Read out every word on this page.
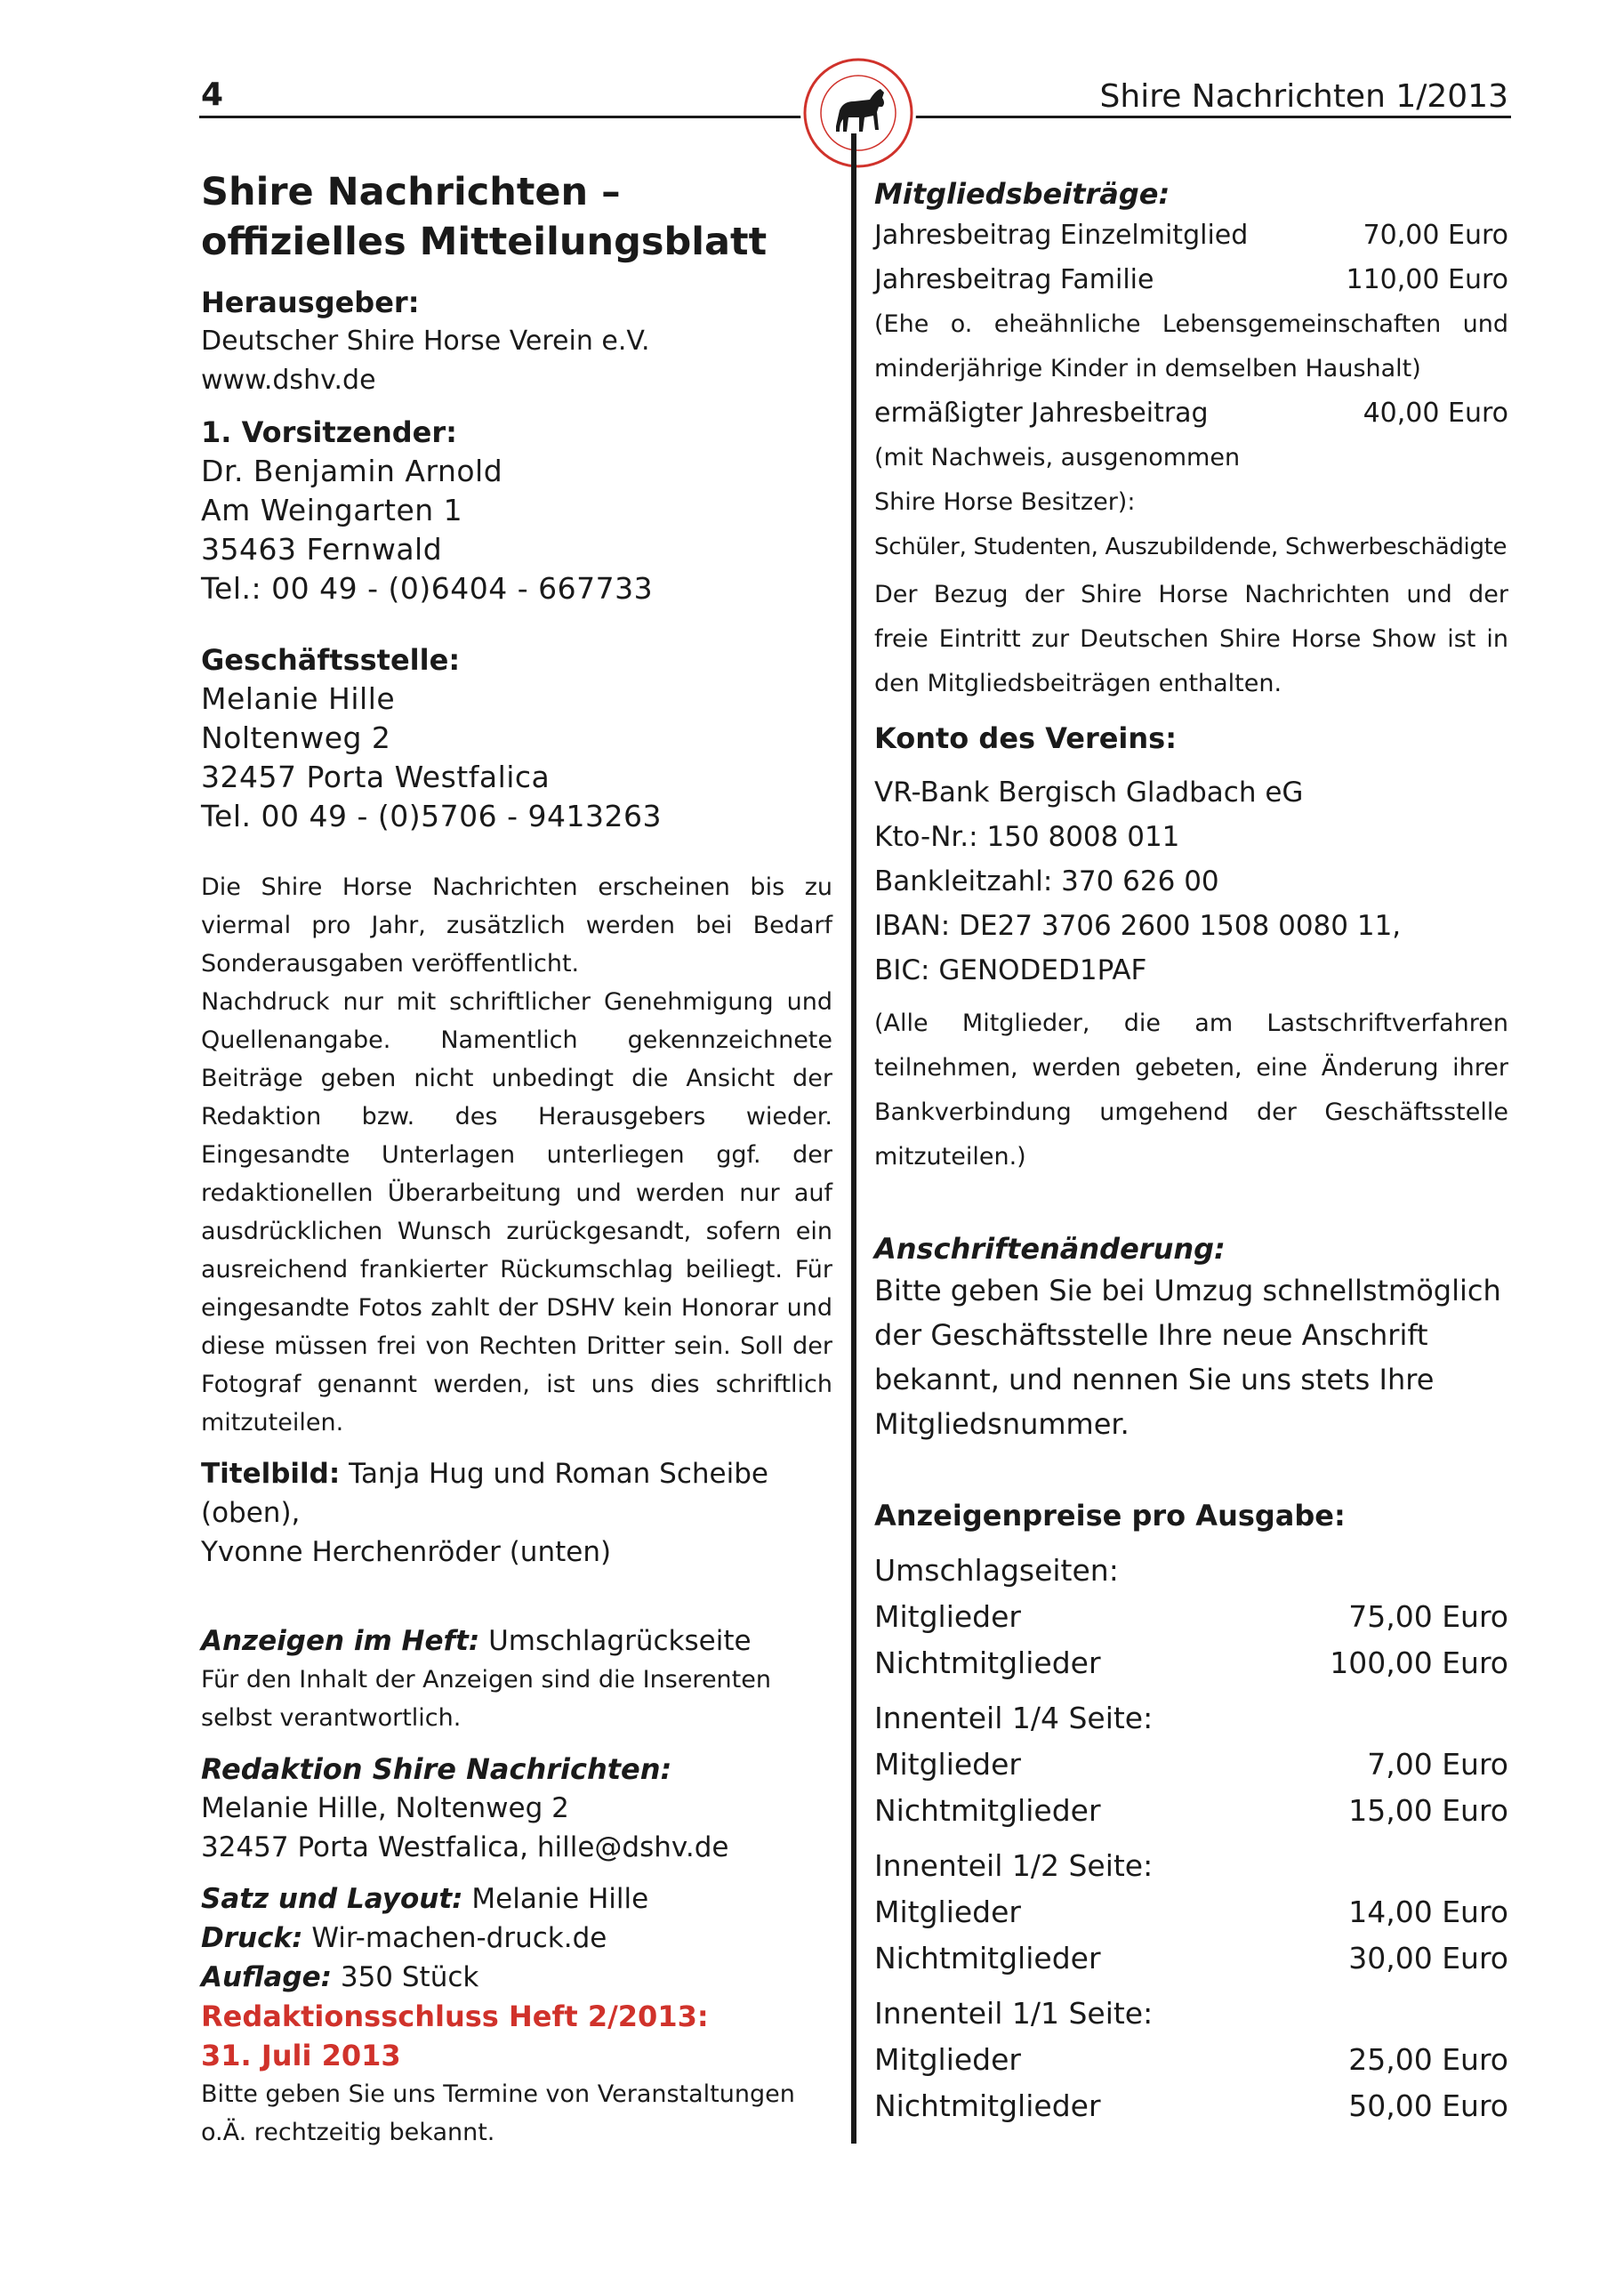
4	Shire Nachrichten 1/2013
Shire Nachrichten –
offizielles Mitteilungsblatt
Herausgeber:
Deutscher Shire Horse Verein e.V.
www.dshv.de
1. Vorsitzender:
Dr. Benjamin Arnold
Am Weingarten 1
35463 Fernwald
Tel.: 00 49 - (0)6404 - 667733
Geschäftsstelle:
Melanie Hille
Noltenweg 2
32457 Porta Westfalica
Tel. 00 49 - (0)5706 - 9413263
Die Shire Horse Nachrichten erscheinen bis zu viermal pro Jahr, zusätzlich werden bei Bedarf Sonderausgaben veröffentlicht.
Nachdruck nur mit schriftlicher Genehmigung und Quellenangabe. Namentlich gekennzeichnete Beiträge geben nicht unbedingt die Ansicht der Redaktion bzw. des Herausgebers wieder. Eingesandte Unterlagen unterliegen ggf. der redaktionellen Überarbeitung und werden nur auf ausdrücklichen Wunsch zurückgesandt, sofern ein ausreichend frankierter Rückumschlag beiliegt. Für eingesandte Fotos zahlt der DSHV kein Honorar und diese müssen frei von Rechten Dritter sein. Soll der Fotograf genannt werden, ist uns dies schriftlich mitzuteilen.
Titelbild: Tanja Hug und Roman Scheibe (oben),
Yvonne Herchenröder (unten)
Anzeigen im Heft: Umschlagrückseite
Für den Inhalt der Anzeigen sind die Inserenten selbst verantwortlich.
Redaktion Shire Nachrichten:
Melanie Hille, Noltenweg 2
32457 Porta Westfalica, hille@dshv.de
Satz und Layout: Melanie Hille
Druck: Wir-machen-druck.de
Auflage: 350 Stück
Redaktionsschluss Heft 2/2013:
31. Juli 2013
Bitte geben Sie uns Termine von Veranstaltungen o.Ä. rechtzeitig bekannt.
Mitgliedsbeiträge:
Jahresbeitrag Einzelmitglied	70,00 Euro
Jahresbeitrag Familie	110,00 Euro
(Ehe o. eheähnliche Lebensgemeinschaften und minderjährige Kinder in demselben Haushalt)
ermäßigter Jahresbeitrag	40,00 Euro
(mit Nachweis, ausgenommen
Shire Horse Besitzer):
Schüler, Studenten, Auszubildende, Schwerbeschädigte
Der Bezug der Shire Horse Nachrichten und der freie Eintritt zur Deutschen Shire Horse Show ist in den Mitgliedsbeiträgen enthalten.
Konto des Vereins:
VR-Bank Bergisch Gladbach eG
Kto-Nr.: 150 8008 011
Bankleitzahl: 370 626 00
IBAN: DE27 3706 2600 1508 0080 11,
BIC: GENODED1PAF
(Alle Mitglieder, die am Lastschriftverfahren teilnehmen, werden gebeten, eine Änderung ihrer Bankverbindung umgehend der Geschäftsstelle mitzuteilen.)
Anschriftenänderung:
Bitte geben Sie bei Umzug schnellstmöglich der Geschäftsstelle Ihre neue Anschrift bekannt, und nennen Sie uns stets Ihre Mitgliedsnummer.
Anzeigenpreise pro Ausgabe:
Umschlagseiten:
Mitglieder	75,00 Euro
Nichtmitglieder	100,00 Euro
Innenteil 1/4 Seite:
Mitglieder	7,00 Euro
Nichtmitglieder	15,00 Euro
Innenteil 1/2 Seite:
Mitglieder	14,00 Euro
Nichtmitglieder	30,00 Euro
Innenteil 1/1 Seite:
Mitglieder	25,00 Euro
Nichtmitglieder	50,00 Euro
